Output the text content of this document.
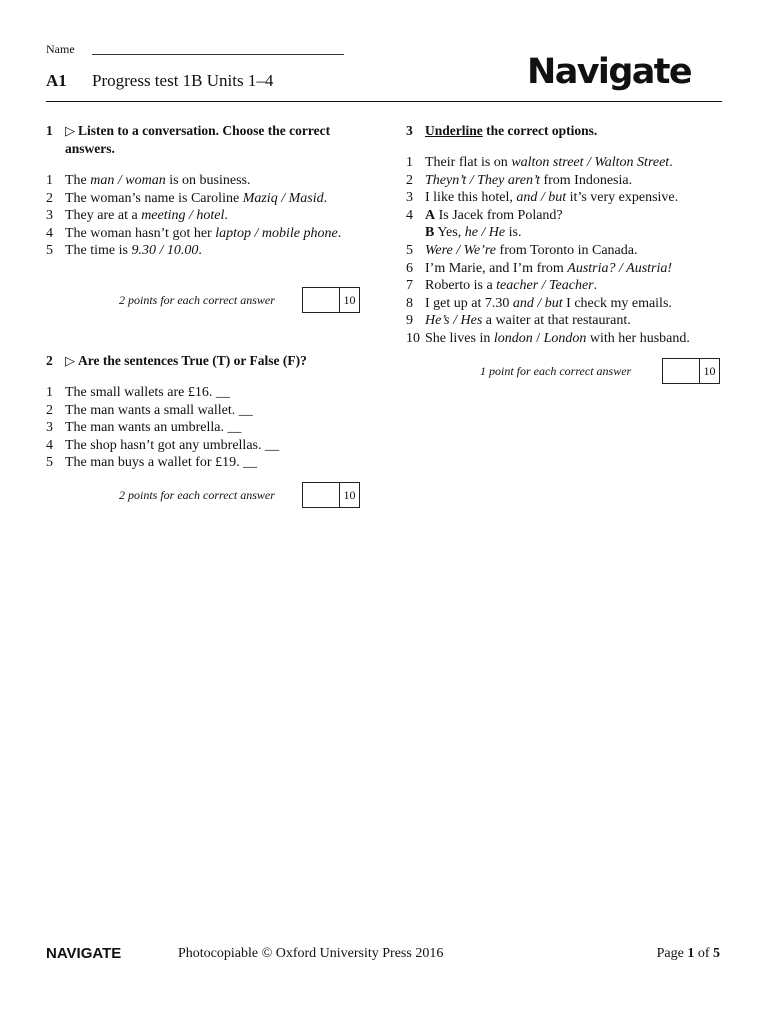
Name
A1 Progress test 1B Units 1–4	Navigate
1 ▷ Listen to a conversation. Choose the correct answers.
1 The man / woman is on business.
2 The woman’s name is Caroline Maziq / Masid.
3 They are at a meeting / hotel.
4 The woman hasn’t got her laptop / mobile phone.
5 The time is 9.30 / 10.00.
2 points for each correct answer	10
2 ▷ Are the sentences True (T) or False (F)?
1 The small wallets are £16. __
2 The man wants a small wallet. __
3 The man wants an umbrella. __
4 The shop hasn’t got any umbrellas. __
5 The man buys a wallet for £19. __
2 points for each correct answer	10
3 Underline the correct options.
1 Their flat is on walton street / Walton Street.
2 Theyn’t / They aren’t from Indonesia.
3 I like this hotel, and / but it’s very expensive.
4 A Is Jacek from Poland?
B Yes, he / He is.
5 Were / We’re from Toronto in Canada.
6 I’m Marie, and I’m from Austria? / Austria!
7 Roberto is a teacher / Teacher.
8 I get up at 7.30 and / but I check my emails.
9 He’s / Hes a waiter at that restaurant.
10 She lives in london / London with her husband.
1 point for each correct answer	10
NAVIGATE	Photocopiable © Oxford University Press 2016	Page 1 of 5
